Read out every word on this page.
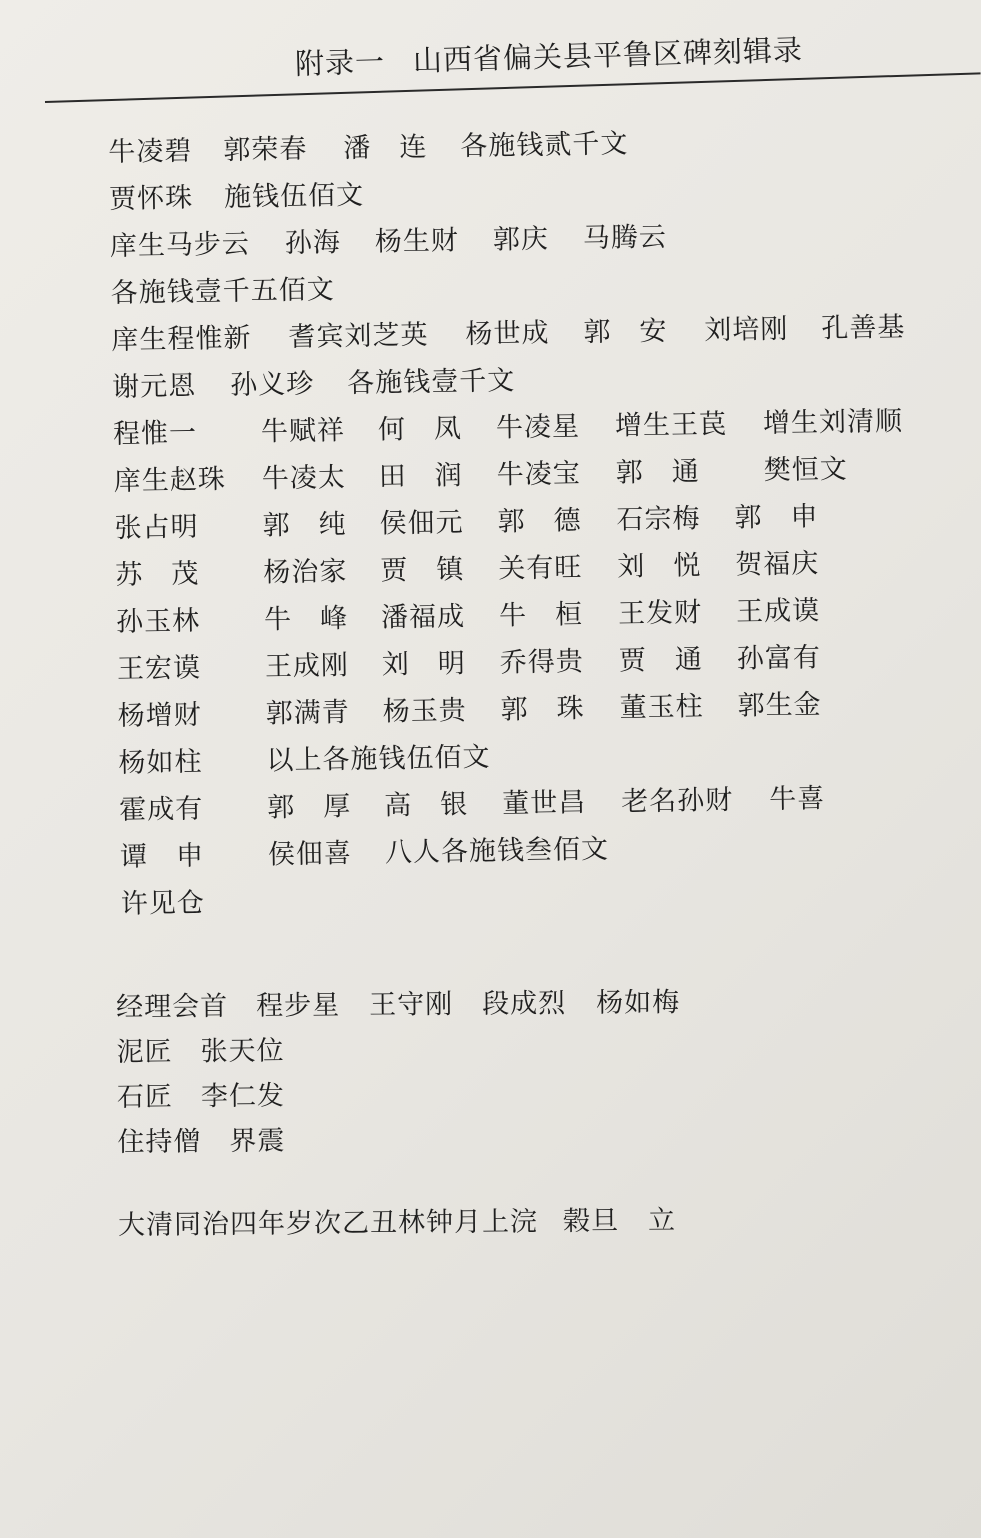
附录一 山西省偏关县平鲁区碑刻辑录
牛凌碧 郭荣春 潘　连 各施钱贰千文
贾怀珠 施钱伍佰文
庠生马步云 孙海 杨生财 郭庆 马腾云
各施钱壹千五佰文
庠生程惟新 耆宾刘芝英 杨世成 郭　安 刘培刚 孔善基
谢元恩 孙义珍 各施钱壹千文
程惟一 牛赋祥 何　凤 牛凌星 增生王苠 增生刘清顺
庠生赵珠 牛凌太 田　润 牛凌宝 郭　通 樊恒文
张占明 郭　纯 侯佃元 郭　德 石宗梅 郭　申
苏　茂 杨治家 贾　镇 关有旺 刘　悦 贺福庆
孙玉林 牛　峰 潘福成 牛　桓 王发财 王成谟
王宏谟 王成刚 刘　明 乔得贵 贾　通 孙富有
杨增财 郭满青 杨玉贵 郭　珠 董玉柱 郭生金
杨如柱 以上各施钱伍佰文
霍成有 郭　厚 高　银 董世昌 老名孙财 牛喜
谭　申 侯佃喜 八人各施钱叁佰文
许见仓
经理会首 程步星 王守刚 段成烈 杨如梅
泥匠 张天位
石匠 李仁发
住持僧 界震
大清同治四年岁次乙丑林钟月上浣 榖旦 立
